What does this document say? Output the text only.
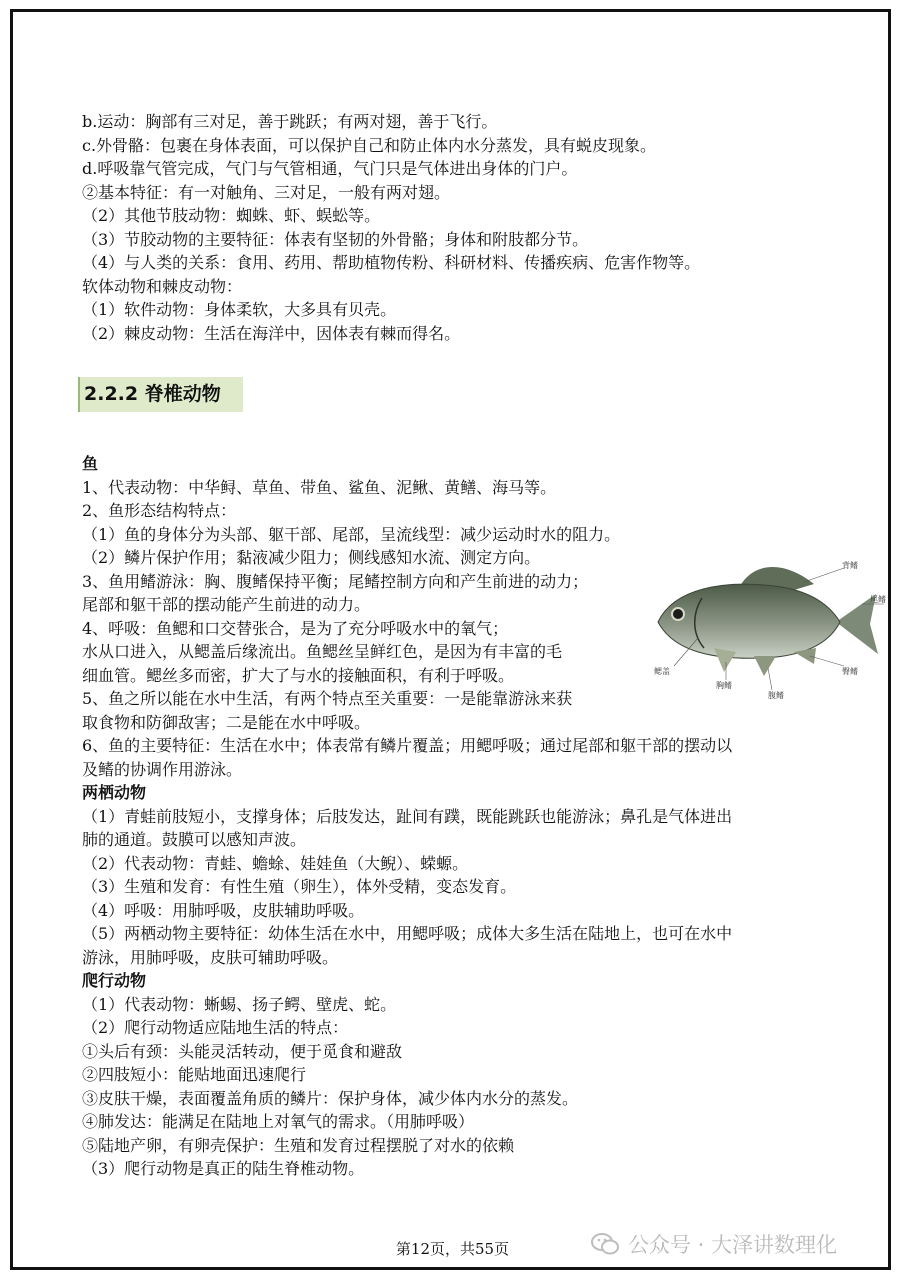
b.运动：胸部有三对足，善于跳跃；有两对翅，善于飞行。
c.外骨骼：包裹在身体表面，可以保护自己和防止体内水分蒸发，具有蜕皮现象。
d.呼吸靠气管完成，气门与气管相通，气门只是气体进出身体的门户。
②基本特征：有一对触角、三对足，一般有两对翅。
（2）其他节肢动物：蜘蛛、虾、蜈蚣等。
（3）节胶动物的主要特征：体表有坚韧的外骨骼；身体和附肢都分节。
（4）与人类的关系：食用、药用、帮助植物传粉、科研材料、传播疾病、危害作物等。
软体动物和棘皮动物：
（1）软件动物：身体柔软，大多具有贝壳。
（2）棘皮动物：生活在海洋中，因体表有棘而得名。
2.2.2 脊椎动物
鱼
1、代表动物：中华鲟、草鱼、带鱼、鲨鱼、泥鳅、黄鳝、海马等。
2、鱼形态结构特点：
（1）鱼的身体分为头部、躯干部、尾部，呈流线型：减少运动时水的阻力。
（2）鳞片保护作用；黏液减少阻力；侧线感知水流、测定方向。
3、鱼用鳍游泳：胸、腹鳍保持平衡；尾鳍控制方向和产生前进的动力；
尾部和躯干部的摆动能产生前进的动力。
4、呼吸：鱼鳃和口交替张合，是为了充分呼吸水中的氧气；
水从口进入，从鳃盖后缘流出。鱼鳃丝呈鲜红色，是因为有丰富的毛
细血管。鳃丝多而密，扩大了与水的接触面积，有利于呼吸。
5、鱼之所以能在水中生活，有两个特点至关重要：一是能靠游泳来获
取食物和防御敌害；二是能在水中呼吸。
6、鱼的主要特征：生活在水中；体表常有鳞片覆盖；用鳃呼吸；通过尾部和躯干部的摆动以
及鳍的协调作用游泳。
背鳍
尾鳍
鳃盖	臀鳍
胸鳍
腹鳍
两栖动物
（1）青蛙前肢短小，支撑身体；后肢发达，趾间有蹼，既能跳跃也能游泳；鼻孔是气体进出
肺的通道。鼓膜可以感知声波。
（2）代表动物：青蛙、蟾蜍、娃娃鱼（大鲵）、蝾螈。
（3）生殖和发育：有性生殖（卵生），体外受精，变态发育。
（4）呼吸：用肺呼吸，皮肤辅助呼吸。
（5）两栖动物主要特征：幼体生活在水中，用鳃呼吸；成体大多生活在陆地上，也可在水中
游泳，用肺呼吸，皮肤可辅助呼吸。
爬行动物
（1）代表动物：蜥蜴、扬子鳄、壁虎、蛇。
（2）爬行动物适应陆地生活的特点：
①头后有颈：头能灵活转动，便于觅食和避敌
②四肢短小：能贴地面迅速爬行
③皮肤干燥，表面覆盖角质的鳞片：保护身体，减少体内水分的蒸发。
④肺发达：能满足在陆地上对氧气的需求。（用肺呼吸）
⑤陆地产卵，有卵壳保护：生殖和发育过程摆脱了对水的依赖
（3）爬行动物是真正的陆生脊椎动物。
第12页，共55页	公众号 · 大泽讲数理化
